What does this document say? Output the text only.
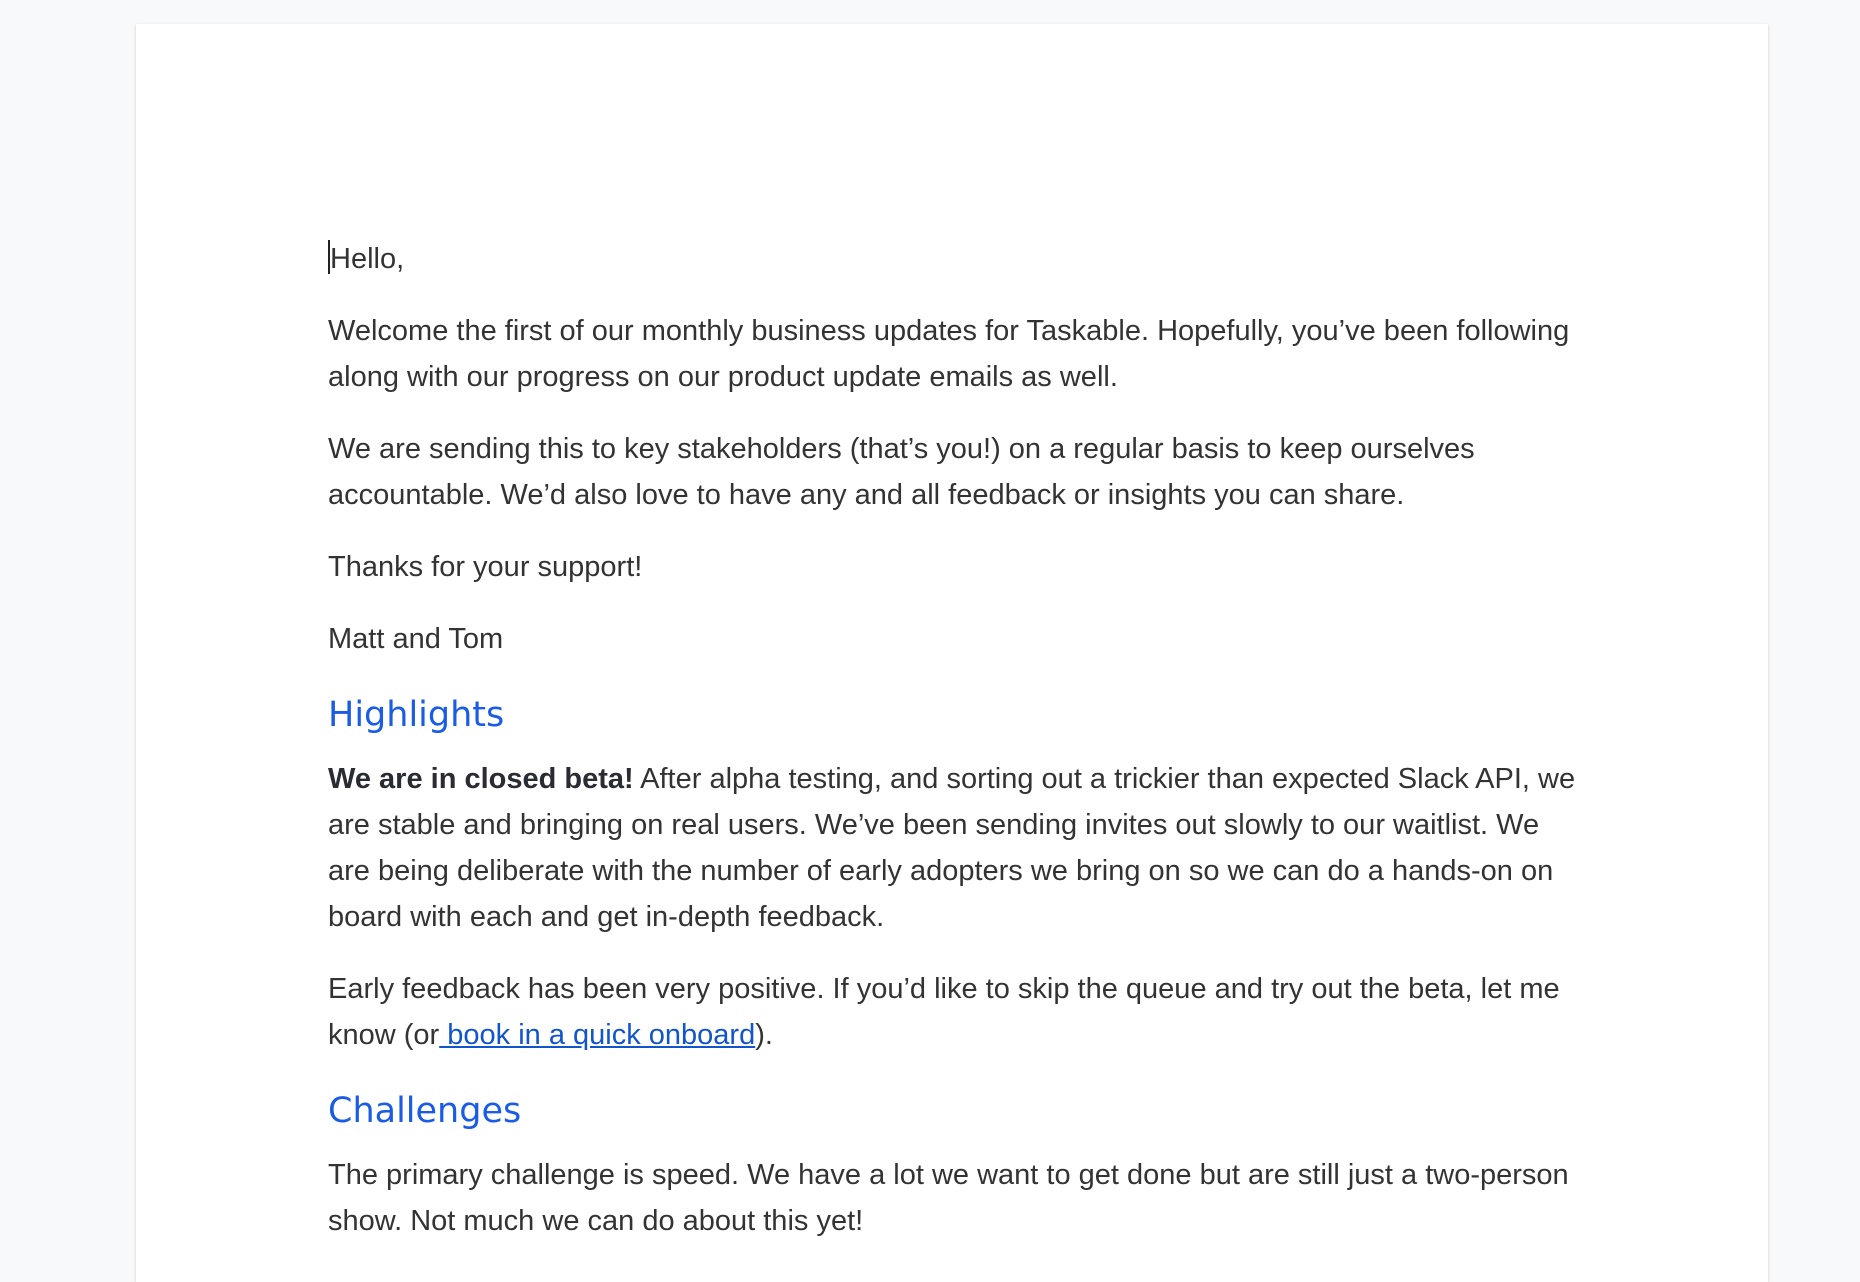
Hello,

Welcome the first of our monthly business updates for Taskable. Hopefully, you’ve been following along with our progress on our product update emails as well.

We are sending this to key stakeholders (that’s you!) on a regular basis to keep ourselves accountable. We’d also love to have any and all feedback or insights you can share.

Thanks for your support!

Matt and Tom

Highlights

We are in closed beta! After alpha testing, and sorting out a trickier than expected Slack API, we are stable and bringing on real users. We’ve been sending invites out slowly to our waitlist. We are being deliberate with the number of early adopters we bring on so we can do a hands-on on board with each and get in-depth feedback.

Early feedback has been very positive. If you’d like to skip the queue and try out the beta, let me know (or book in a quick onboard).

Challenges

The primary challenge is speed. We have a lot we want to get done but are still just a two-person show. Not much we can do about this yet!
